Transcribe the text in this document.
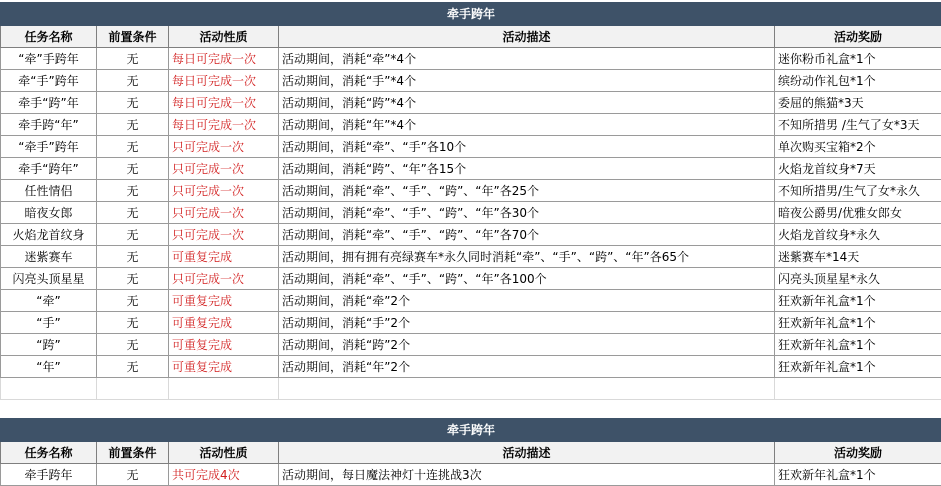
牵手跨年				
任务名称	前置条件	活动性质	活动描述	活动奖励
“牵”手跨年	无	每日可完成一次	活动期间，消耗“牵”*4个	迷你粉币礼盒*1个
牵“手”跨年	无	每日可完成一次	活动期间，消耗“手”*4个	缤纷动作礼包*1个
牵手“跨”年	无	每日可完成一次	活动期间，消耗“跨”*4个	委屈的熊猫*3天
牵手跨“年”	无	每日可完成一次	活动期间，消耗“年”*4个	不知所措男 /生气了女*3天
“牵手”跨年	无	只可完成一次	活动期间，消耗“牵”、“手”各10个	单次购买宝箱*2个
牵手“跨年”	无	只可完成一次	活动期间，消耗“跨”、“年”各15个	火焰龙首纹身*7天
任性情侣	无	只可完成一次	活动期间，消耗“牵”、“手”、“跨”、“年”各25个	不知所措男/生气了女*永久
暗夜女郎	无	只可完成一次	活动期间，消耗“牵”、“手”、“跨”、“年”各30个	暗夜公爵男/优雅女郎女
火焰龙首纹身	无	只可完成一次	活动期间，消耗“牵”、“手”、“跨”、“年”各70个	火焰龙首纹身*永久
迷紫赛车	无	可重复完成	活动期间，拥有拥有亮绿赛车*永久同时消耗“牵”、“手”、“跨”、“年”各65个	迷紫赛车*14天
闪亮头顶星星	无	只可完成一次	活动期间，消耗“牵”、“手”、“跨”、“年”各100个	闪亮头顶星星*永久
“牵”	无	可重复完成	活动期间，消耗“牵”2个	狂欢新年礼盒*1个
“手”	无	可重复完成	活动期间，消耗“手”2个	狂欢新年礼盒*1个
“跨”	无	可重复完成	活动期间，消耗“跨”2个	狂欢新年礼盒*1个
“年”	无	可重复完成	活动期间，消耗“年”2个	狂欢新年礼盒*1个

牵手跨年				
任务名称	前置条件	活动性质	活动描述	活动奖励
牵手跨年	无	共可完成4次	活动期间，每日魔法神灯十连挑战3次	狂欢新年礼盒*1个
